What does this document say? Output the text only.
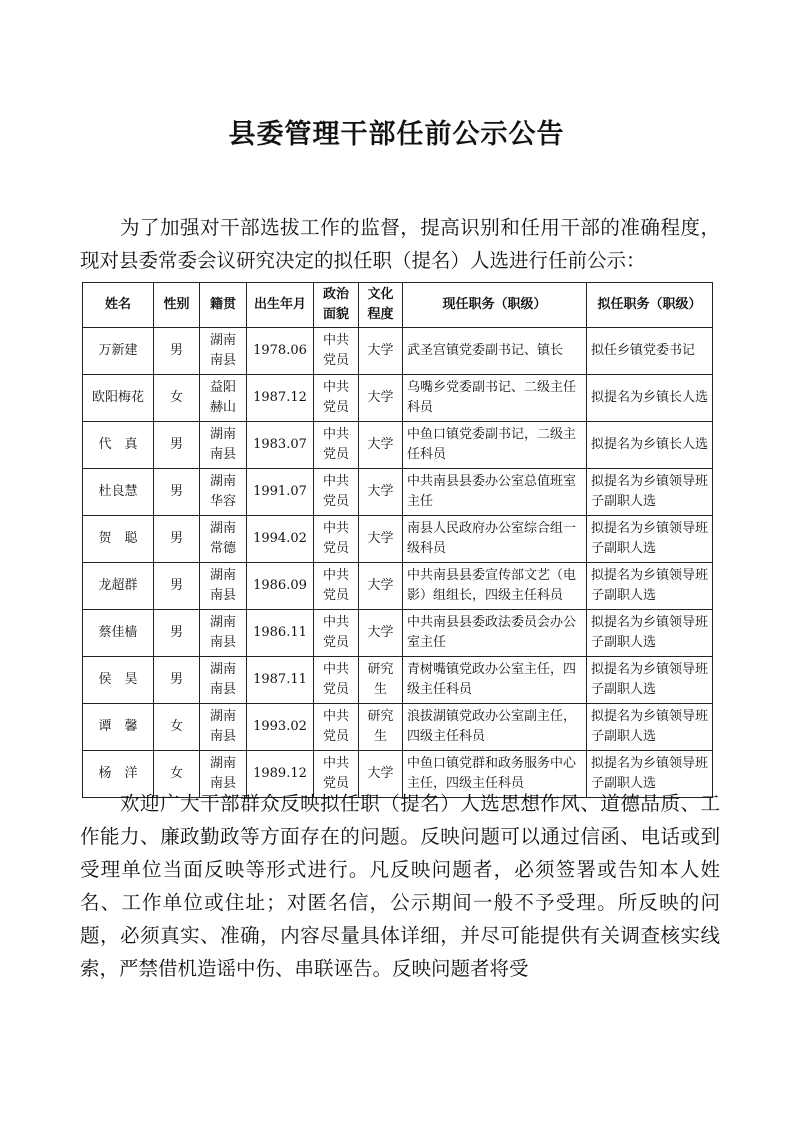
县委管理干部任前公示公告
为了加强对干部选拔工作的监督，提高识别和任用干部的准确程度，现对县委常委会议研究决定的拟任职（提名）人选进行任前公示：
姓名	性别	籍贯	出生年月	政治面貌	文化程度	现任职务（职级）	拟任职务（职级）
万新建	男	湖南南县	1978.06	中共党员	大学	武圣宫镇党委副书记、镇长	拟任乡镇党委书记
欧阳梅花	女	益阳赫山	1987.12	中共党员	大学	乌嘴乡党委副书记、二级主任科员	拟提名为乡镇长人选
代　真	男	湖南南县	1983.07	中共党员	大学	中鱼口镇党委副书记，二级主任科员	拟提名为乡镇长人选
杜良慧	男	湖南华容	1991.07	中共党员	大学	中共南县县委办公室总值班室主任	拟提名为乡镇领导班子副职人选
贺　聪	男	湖南常德	1994.02	中共党员	大学	南县人民政府办公室综合组一级科员	拟提名为乡镇领导班子副职人选
龙超群	男	湖南南县	1986.09	中共党员	大学	中共南县县委宣传部文艺（电影）组组长，四级主任科员	拟提名为乡镇领导班子副职人选
蔡佳樯	男	湖南南县	1986.11	中共党员	大学	中共南县县委政法委员会办公室主任	拟提名为乡镇领导班子副职人选
侯　昊	男	湖南南县	1987.11	中共党员	研究生	青树嘴镇党政办公室主任，四级主任科员	拟提名为乡镇领导班子副职人选
谭　馨	女	湖南南县	1993.02	中共党员	研究生	浪拔湖镇党政办公室副主任，四级主任科员	拟提名为乡镇领导班子副职人选
杨　洋	女	湖南南县	1989.12	中共党员	大学	中鱼口镇党群和政务服务中心主任，四级主任科员	拟提名为乡镇领导班子副职人选
欢迎广大干部群众反映拟任职（提名）人选思想作风、道德品质、工作能力、廉政勤政等方面存在的问题。反映问题可以通过信函、电话或到受理单位当面反映等形式进行。凡反映问题者，必须签署或告知本人姓名、工作单位或住址；对匿名信，公示期间一般不予受理。所反映的问题，必须真实、准确，内容尽量具体详细，并尽可能提供有关调查核实线索，严禁借机造谣中伤、串联诬告。反映问题者将受
